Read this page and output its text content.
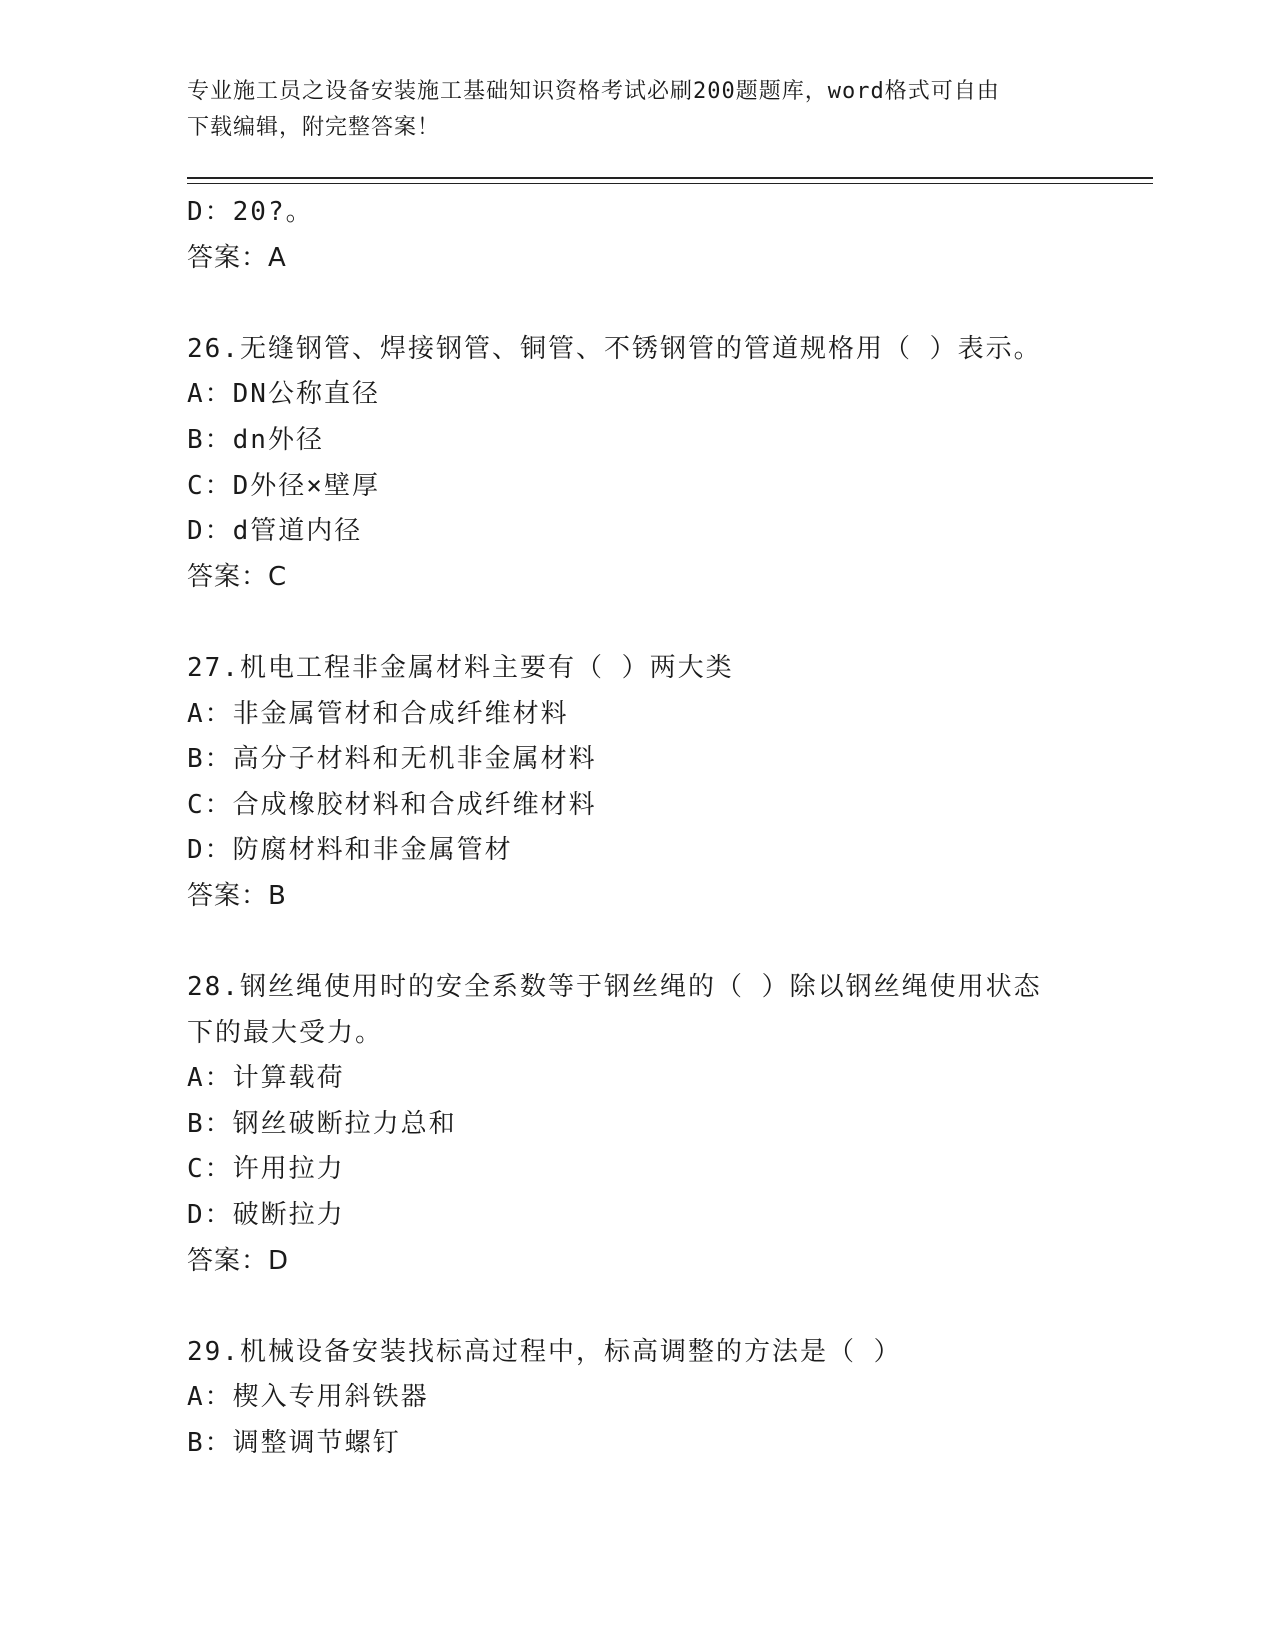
专业施工员之设备安装施工基础知识资格考试必刷200题题库，word格式可自由
下载编辑，附完整答案！
D：20?。
答案：A
26.无缝钢管、焊接钢管、铜管、不锈钢管的管道规格用（ ）表示。
A：DN公称直径
B：dn外径
C：D外径×壁厚
D：d管道内径
答案：C
27.机电工程非金属材料主要有（ ）两大类
A：非金属管材和合成纤维材料
B：高分子材料和无机非金属材料
C：合成橡胶材料和合成纤维材料
D：防腐材料和非金属管材
答案：B
28.钢丝绳使用时的安全系数等于钢丝绳的（ ）除以钢丝绳使用状态
下的最大受力。
A：计算载荷
B：钢丝破断拉力总和
C：许用拉力
D：破断拉力
答案：D
29.机械设备安装找标高过程中，标高调整的方法是（ ）
A：楔入专用斜铁器
B：调整调节螺钉
